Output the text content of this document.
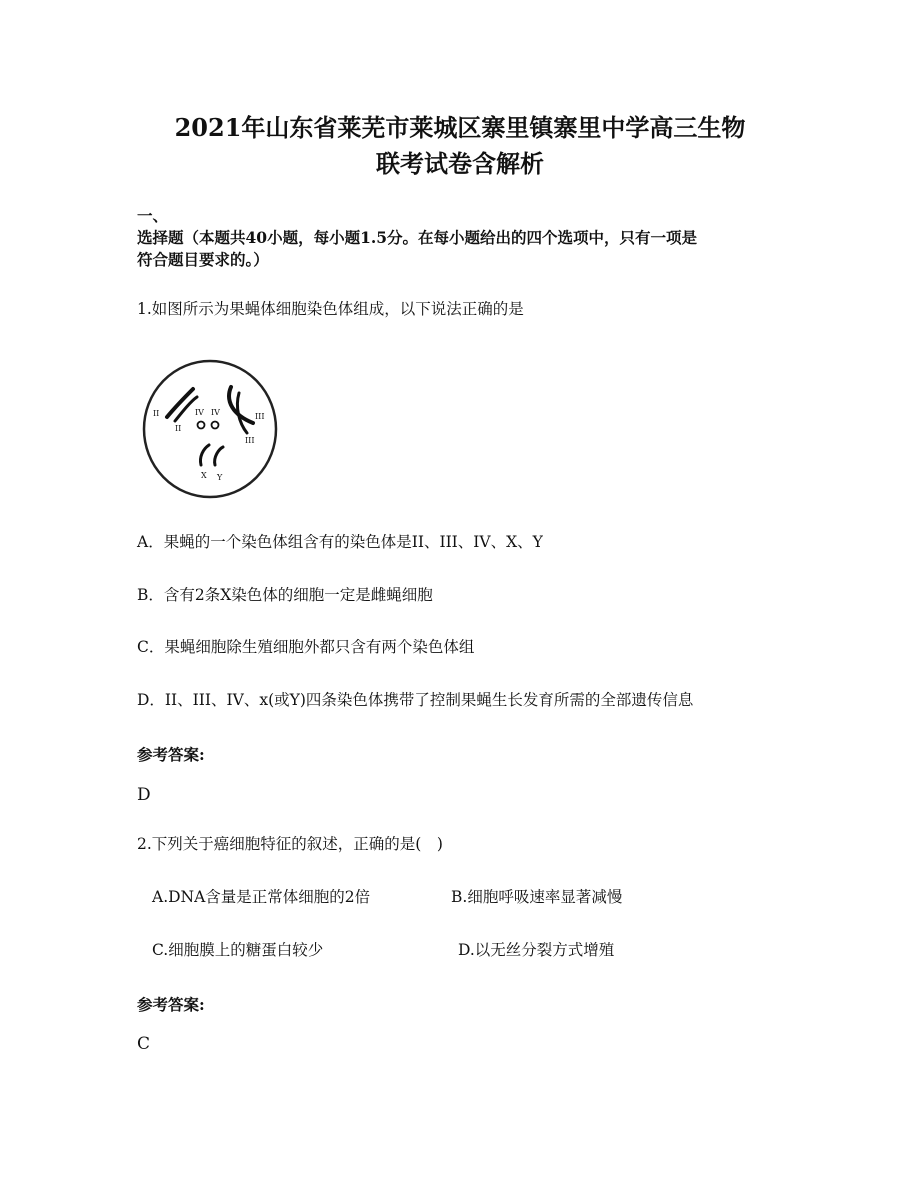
2021年山东省莱芜市莱城区寨里镇寨里中学高三生物
联考试卷含解析
一、
选择题（本题共40小题，每小题1.5分。在每小题给出的四个选项中，只有一项是
符合题目要求的。）
1.如图所示为果蝇体细胞染色体组成，以下说法正确的是
II
II
IV IV	III
III
X Y
A．果蝇的一个染色体组含有的染色体是II、III、IV、X、Y
B．含有2条X染色体的细胞一定是雌蝇细胞
C．果蝇细胞除生殖细胞外都只含有两个染色体组
D．II、III、IV、x(或Y)四条染色体携带了控制果蝇生长发育所需的全部遗传信息
参考答案:
D
2.下列关于癌细胞特征的叙述，正确的是(　)
A.DNA含量是正常体细胞的2倍	B.细胞呼吸速率显著减慢
C.细胞膜上的糖蛋白较少	D.以无丝分裂方式增殖
参考答案:
C
